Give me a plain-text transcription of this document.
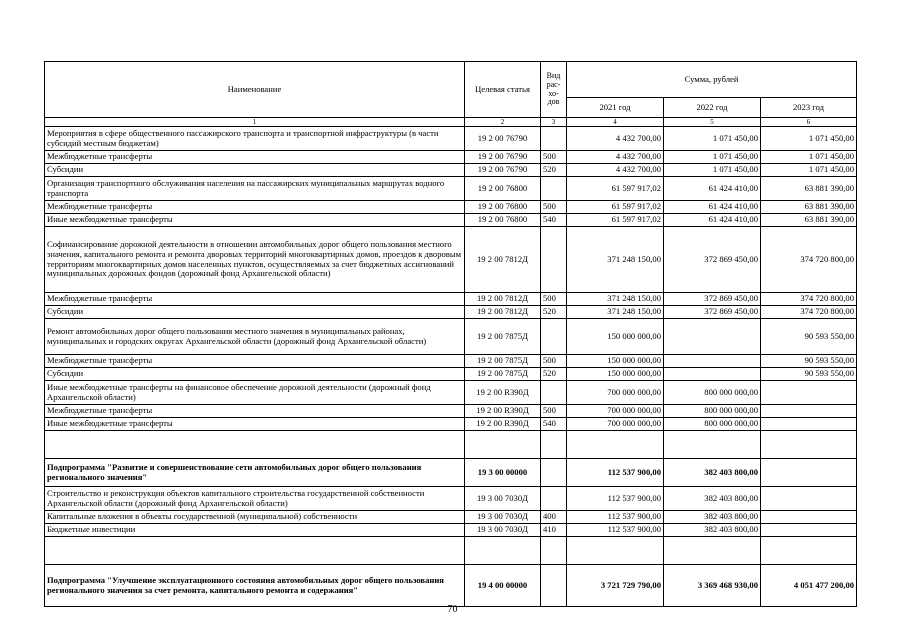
Наименование	Целевая статья	Вид рас-хо-дов	Сумма, рублей		
			2021 год	2022 год	2023 год
1	2	3	4	5	6
Мероприятия в сфере общественного пассажирского транспорта и транспортной инфраструктуры (в части субсидий местным бюджетам)	19 2 00 76790		4 432 700,00	1 071 450,00	1 071 450,00
Межбюджетные трансферты	19 2 00 76790	500	4 432 700,00	1 071 450,00	1 071 450,00
Субсидии	19 2 00 76790	520	4 432 700,00	1 071 450,00	1 071 450,00
Организация транспортного обслуживания населения на пассажирских муниципальных маршрутах водного транспорта	19 2 00 76800		61 597 917,02	61 424 410,00	63 881 390,00
Межбюджетные трансферты	19 2 00 76800	500	61 597 917,02	61 424 410,00	63 881 390,00
Иные межбюджетные трансферты	19 2 00 76800	540	61 597 917,02	61 424 410,00	63 881 390,00
Софинансирование дорожной деятельности в отношении автомобильных дорог общего пользования местного значения, капитального ремонта и ремонта дворовых территорий многоквартирных домов, проездов к дворовым территориям многоквартирных домов населенных пунктов, осуществляемых за счет бюджетных ассигнований муниципальных дорожных фондов (дорожный фонд Архангельской области)	19 2 00 7812Д		371 248 150,00	372 869 450,00	374 720 800,00
Межбюджетные трансферты	19 2 00 7812Д	500	371 248 150,00	372 869 450,00	374 720 800,00
Субсидии	19 2 00 7812Д	520	371 248 150,00	372 869 450,00	374 720 800,00
Ремонт автомобильных дорог общего пользования местного значения в муниципальных районах, муниципальных и городских округах Архангельской области (дорожный фонд Архангельской области)	19 2 00 7875Д		150 000 000,00		90 593 550,00
Межбюджетные трансферты	19 2 00 7875Д	500	150 000 000,00		90 593 550,00
Субсидии	19 2 00 7875Д	520	150 000 000,00		90 593 550,00
Иные межбюджетные трансферты на финансовое обеспечение дорожной деятельности (дорожный фонд Архангельской области)	19 2 00 R390Д		700 000 000,00	800 000 000,00	
Межбюджетные трансферты	19 2 00 R390Д	500	700 000 000,00	800 000 000,00	
Иные межбюджетные трансферты	19 2 00 R390Д	540	700 000 000,00	800 000 000,00	

Подпрограмма "Развитие и совершенствование сети автомобильных дорог общего пользования регионального значения"	19 3 00 00000		112 537 900,00	382 403 800,00	
Строительство и реконструкция объектов капитального строительства государственной собственности Архангельской области (дорожный фонд Архангельской области)	19 3 00 7030Д		112 537 900,00	382 403 800,00	
Капитальные вложения в объекты государственной (муниципальной) собственности	19 3 00 7030Д	400	112 537 900,00	382 403 800,00	
Бюджетные инвестиции	19 3 00 7030Д	410	112 537 900,00	382 403 800,00	

Подпрограмма "Улучшение эксплуатационного состояния автомобильных дорог общего пользования регионального значения за счет ремонта, капитального ремонта и содержания"	19 4 00 00000		3 721 729 790,00	3 369 468 930,00	4 051 477 200,00
70
